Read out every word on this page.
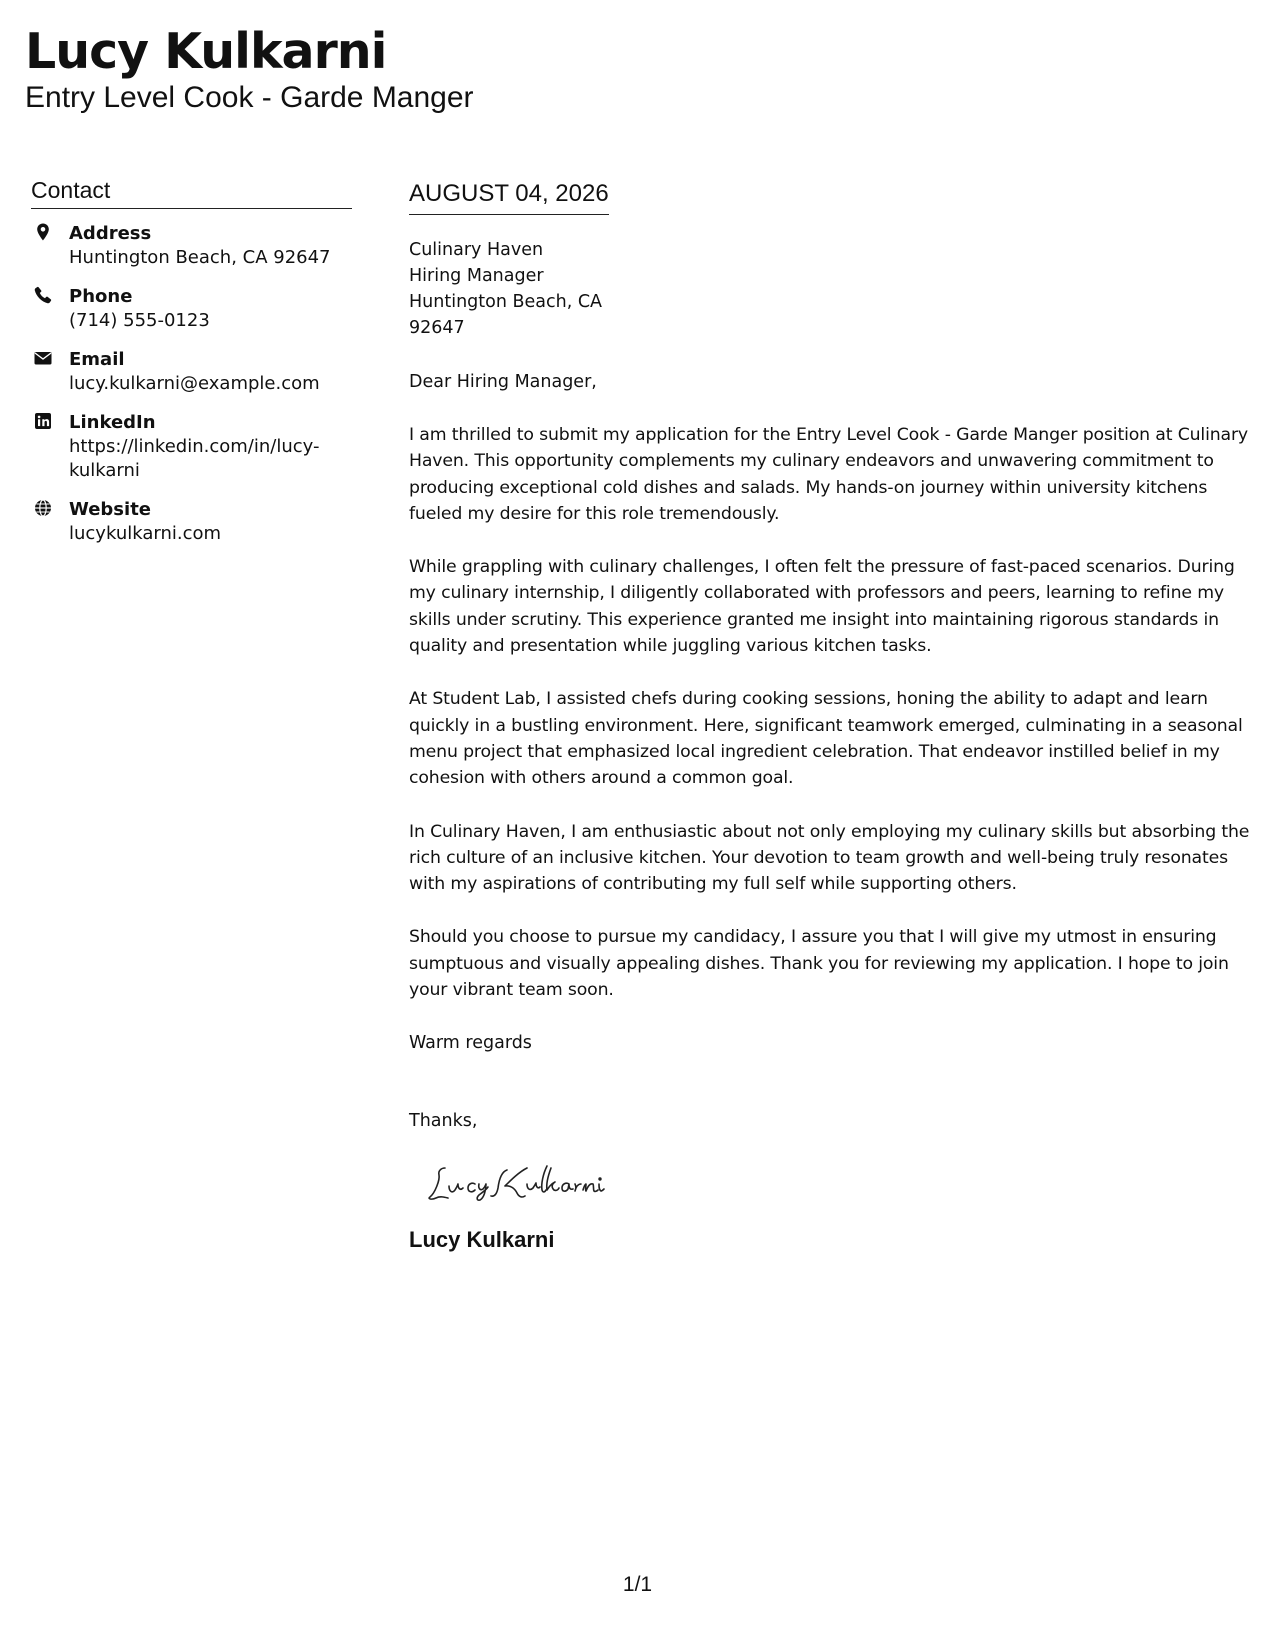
Lucy Kulkarni
Entry Level Cook - Garde Manger
Contact
Address
Huntington Beach, CA 92647
Phone
(714) 555-0123
Email
lucy.kulkarni@example.com
LinkedIn
https://linkedin.com/in/lucy-kulkarni
Website
lucykulkarni.com
AUGUST 04, 2026
Culinary Haven
Hiring Manager
Huntington Beach, CA
92647
Dear Hiring Manager,
I am thrilled to submit my application for the Entry Level Cook - Garde Manger position at Culinary Haven. This opportunity complements my culinary endeavors and unwavering commitment to producing exceptional cold dishes and salads. My hands-on journey within university kitchens fueled my desire for this role tremendously.
While grappling with culinary challenges, I often felt the pressure of fast-paced scenarios. During my culinary internship, I diligently collaborated with professors and peers, learning to refine my skills under scrutiny. This experience granted me insight into maintaining rigorous standards in quality and presentation while juggling various kitchen tasks.
At Student Lab, I assisted chefs during cooking sessions, honing the ability to adapt and learn quickly in a bustling environment. Here, significant teamwork emerged, culminating in a seasonal menu project that emphasized local ingredient celebration. That endeavor instilled belief in my cohesion with others around a common goal.
In Culinary Haven, I am enthusiastic about not only employing my culinary skills but absorbing the rich culture of an inclusive kitchen. Your devotion to team growth and well-being truly resonates with my aspirations of contributing my full self while supporting others.
Should you choose to pursue my candidacy, I assure you that I will give my utmost in ensuring sumptuous and visually appealing dishes. Thank you for reviewing my application. I hope to join your vibrant team soon.
Warm regards
Thanks,
Lucy Kulkarni
1/1
